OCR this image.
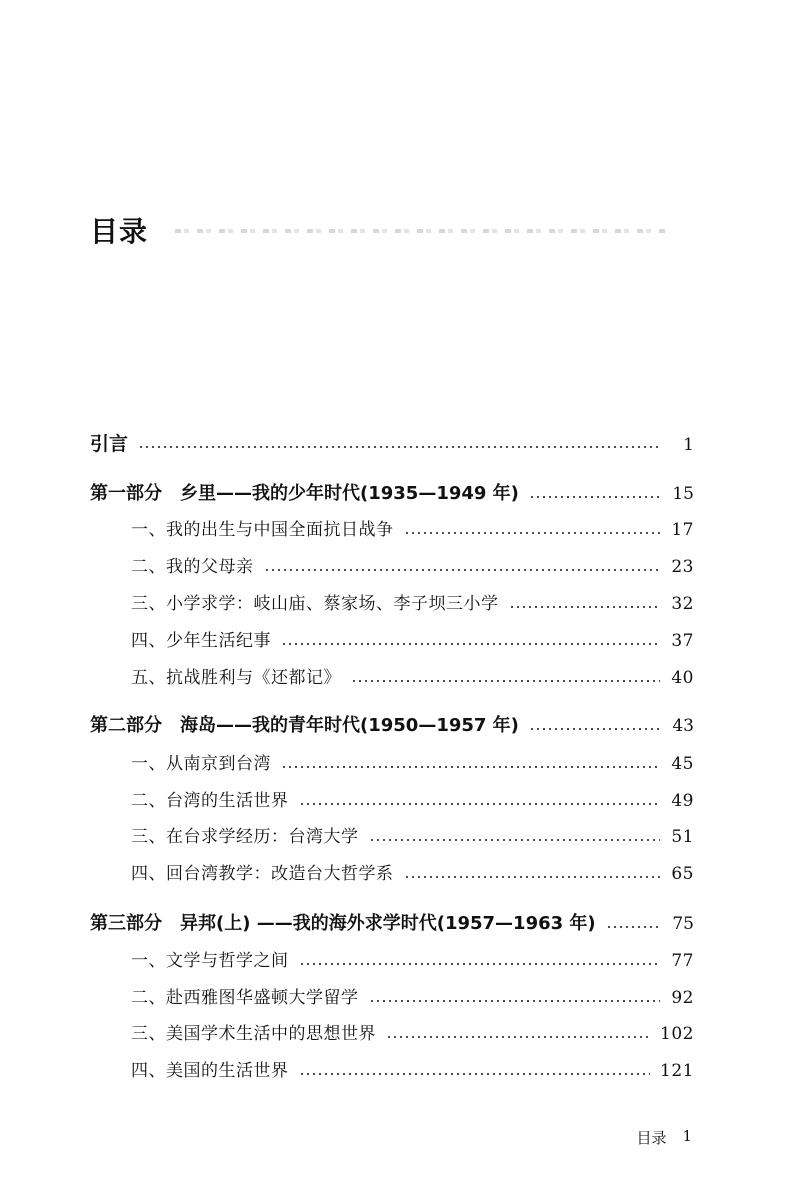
目录
引言	1
第一部分　乡里——我的少年时代(1935—1949 年)	15
一、我的出生与中国全面抗日战争	17
二、我的父母亲	23
三、小学求学：岐山庙、蔡家场、李子坝三小学	32
四、少年生活纪事	37
五、抗战胜利与《还都记》	40
第二部分　海岛——我的青年时代(1950—1957 年)	43
一、从南京到台湾	45
二、台湾的生活世界	49
三、在台求学经历：台湾大学	51
四、回台湾教学：改造台大哲学系	65
第三部分　异邦(上) ——我的海外求学时代(1957—1963 年)	75
一、文学与哲学之间	77
二、赴西雅图华盛顿大学留学	92
三、美国学术生活中的思想世界	102
四、美国的生活世界	121
目录 1
